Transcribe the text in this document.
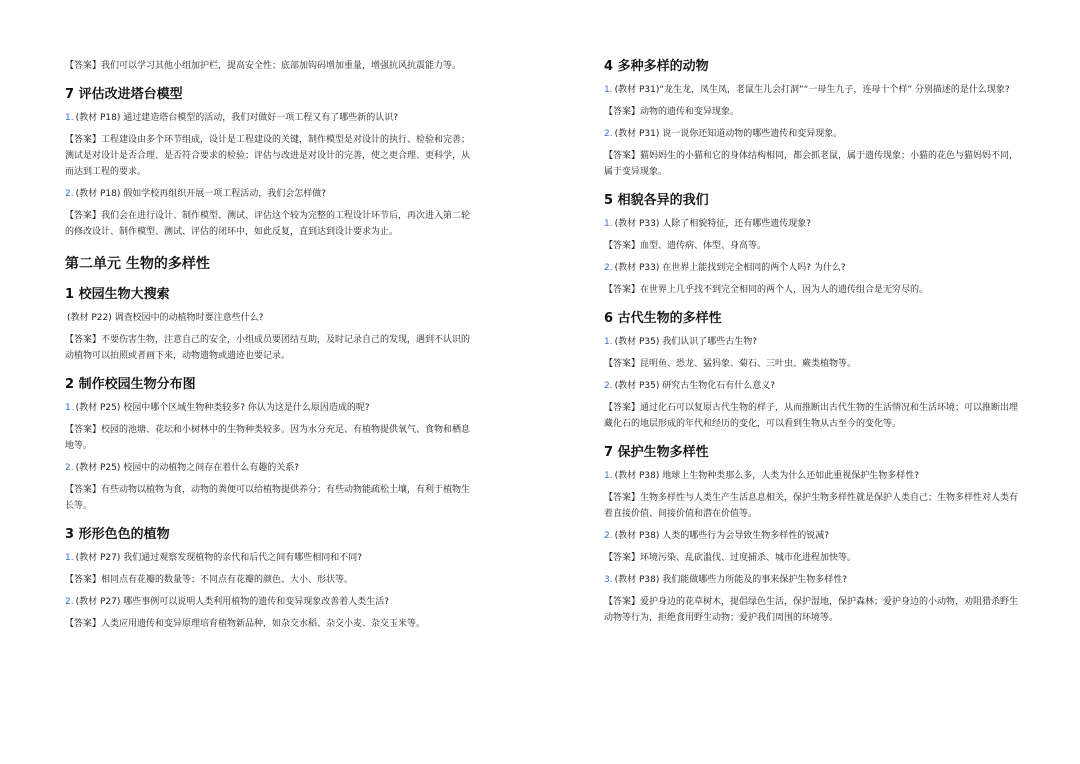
【答案】我们可以学习其他小组加护栏，提高安全性；底部加钩码增加重量，增强抗风抗震能力等。
7 评估改进塔台模型
1. (教材 P18) 通过建造塔台模型的活动，我们对做好一项工程又有了哪些新的认识?
【答案】工程建设由多个环节组成，设计是工程建设的关键，制作模型是对设计的执行、检验和完善；测试是对设计是否合理、是否符合要求的检验；评估与改进是对设计的完善，使之更合理、更科学，从而达到工程的要求。
2. (教材 P18) 假如学校再组织开展一项工程活动，我们会怎样做?
【答案】我们会在进行设计、制作模型、测试、评估这个较为完整的工程设计环节后，再次进入第二轮的修改设计、制作模型、测试、评估的闭环中，如此反复，直到达到设计要求为止。
第二单元 生物的多样性
1 校园生物大搜索
(教材 P22) 调查校园中的动植物时要注意些什么?
【答案】不要伤害生物，注意自己的安全，小组成员要团结互助，及时记录自己的发现，遇到不认识的动植物可以拍照或者画下来，动物遗物或遗迹也要记录。
2 制作校园生物分布图
1. (教材 P25) 校园中哪个区域生物种类较多? 你认为这是什么原因造成的呢?
【答案】校园的池塘、花坛和小树林中的生物种类较多。因为水分充足、有植物提供氧气、食物和栖息地等。
2. (教材 P25) 校园中的动植物之间存在着什么有趣的关系?
【答案】有些动物以植物为食，动物的粪便可以给植物提供养分；有些动物能疏松土壤，有利于植物生长等。
3 形形色色的植物
1. (教材 P27) 我们通过观察发现植物的亲代和后代之间有哪些相同和不同?
【答案】相同点有花瓣的数量等；不同点有花瓣的颜色、大小、形状等。
2. (教材 P27) 哪些事例可以说明人类利用植物的遗传和变异现象改善着人类生活?
【答案】人类应用遗传和变异原理培育植物新品种，如杂交水稻、杂交小麦、杂交玉米等。
4 多种多样的动物
1. (教材 P31)“龙生龙，凤生凤，老鼠生儿会打洞”“一母生九子，连母十个样” 分别描述的是什么现象?
【答案】动物的遗传和变异现象。
2. (教材 P31) 说一说你还知道动物的哪些遗传和变异现象。
【答案】猫妈妈生的小猫和它的身体结构相同，都会抓老鼠，属于遗传现象；小猫的花色与猫妈妈不同，属于变异现象。
5 相貌各异的我们
1. (教材 P33) 人除了相貌特征，还有哪些遗传现象?
【答案】血型、遗传病、体型、身高等。
2. (教材 P33) 在世界上能找到完全相同的两个人吗? 为什么?
【答案】在世界上几乎找不到完全相同的两个人，因为人的遗传组合是无穷尽的。
6 古代生物的多样性
1. (教材 P35) 我们认识了哪些古生物?
【答案】昆明鱼、恐龙、猛犸象、菊石、三叶虫、蕨类植物等。
2. (教材 P35) 研究古生物化石有什么意义?
【答案】通过化石可以复原古代生物的样子，从而推断出古代生物的生活情况和生活环境；可以推断出埋藏化石的地层形成的年代和经历的变化，可以看到生物从古至今的变化等。
7 保护生物多样性
1. (教材 P38) 地球上生物种类那么多，人类为什么还如此重视保护生物多样性?
【答案】生物多样性与人类生产生活息息相关，保护生物多样性就是保护人类自己；生物多样性对人类有着直接价值、间接价值和潜在价值等。
2. (教材 P38) 人类的哪些行为会导致生物多样性的锐减?
【答案】环境污染、乱砍滥伐、过度捕杀、城市化进程加快等。
3. (教材 P38) 我们能做哪些力所能及的事来保护生物多样性?
【答案】爱护身边的花草树木，提倡绿色生活，保护湿地，保护森林；爱护身边的小动物，劝阻猎杀野生动物等行为，拒绝食用野生动物；爱护我们周围的环境等。
